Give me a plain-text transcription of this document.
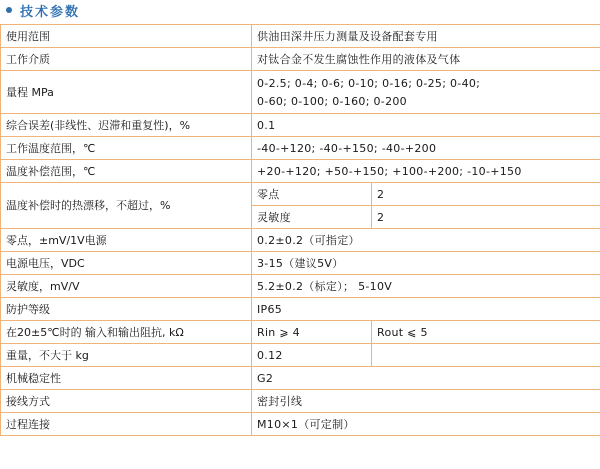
技术参数
使用范围	供油田深井压力测量及设备配套专用	
工作介质	对钛合金不发生腐蚀性作用的液体及气体	
量程 MPa	0-2.5; 0-4; 0-6; 0-10; 0-16; 0-25; 0-40;
0-60; 0-100; 0-160; 0-200	

综合误差(非线性、迟滞和重复性)，%	0.1	
工作温度范围，℃	-40-+120; -40-+150; -40-+200	
温度补偿范围，℃	+20-+120; +50-+150; +100-+200; -10-+150	
温度补偿时的热漂移，不超过，%	零点	2
	灵敏度	2
零点，±mV/1V电源	0.2±0.2（可指定）	
电源电压，VDC	3-15（建议5V）	
灵敏度，mV/V	5.2±0.2（标定）； 5-10V	
防护等级	IP65	
在20±5℃时的 输入和输出阻抗, kΩ	Rin ⩾ 4	Rout ⩽ 5
重量，不大于 kg	0.12	
机械稳定性	G2	
接线方式	密封引线	
过程连接	M10×1（可定制）	
